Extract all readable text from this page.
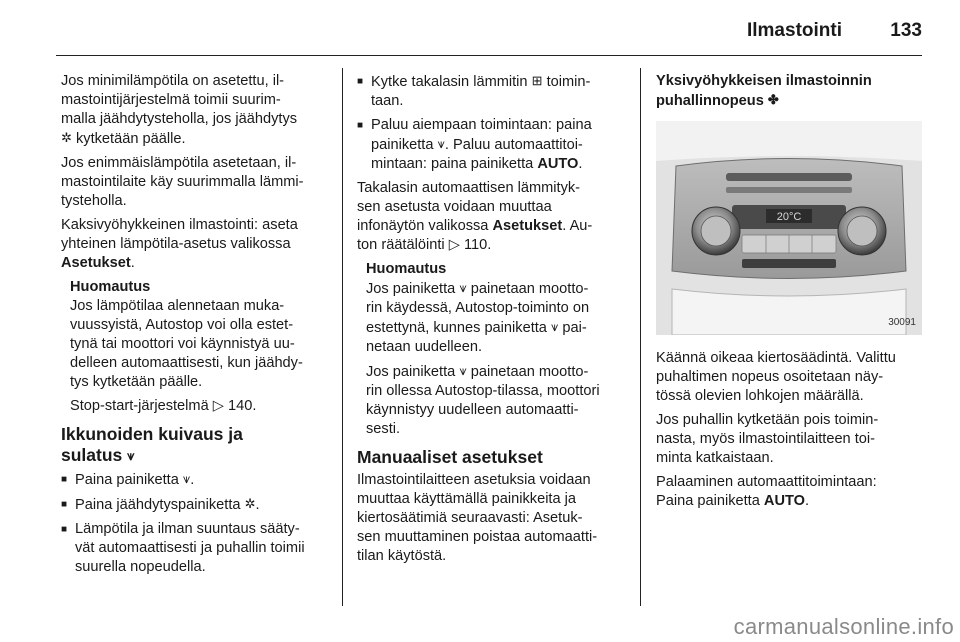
Ilmastointi	133

Jos minimilämpötila on asetettu, il-
mastointijärjestelmä toimii suurim-
malla jäähdytysteholla, jos jäähdytys
✲ kytketään päälle.

Jos enimmäislämpötila asetetaan, il-
mastointilaite käy suurimmalla lämmi-
tysteholla.

Kaksivyöhykkeinen ilmastointi: aseta
yhteinen lämpötila-asetus valikossa
Asetukset.

Huomautus

Jos lämpötilaa alennetaan muka-
vuussyistä, Autostop voi olla estet-
tynä tai moottori voi käynnistyä uu-
delleen automaattisesti, kun jäähdy-
tys kytketään päälle.

Stop-start-järjestelmä ▷ 140.

Ikkunoiden kuivaus ja
sulatus ⩛
■ Paina painiketta ⩛.
■ Paina jäähdytyspainiketta ✲.
■ Lämpötila ja ilman suuntaus sääty-
vät automaattisesti ja puhallin toimii
suurella nopeudella.
■ Kytke takalasin lämmitin ⊞ toimin-
taan.
■ Paluu aiempaan toimintaan: paina
painiketta ⩛. Paluu automaattitoi-
mintaan: paina painiketta AUTO.

Takalasin automaattisen lämmityk-
sen asetusta voidaan muuttaa
infonäytön valikossa Asetukset. Au-
ton räätälöinti ▷ 110.

Huomautus

Jos painiketta ⩛ painetaan mootto-
rin käydessä, Autostop-toiminto on
estettynä, kunnes painiketta ⩛ pai-
netaan uudelleen.

Jos painiketta ⩛ painetaan mootto-
rin ollessa Autostop-tilassa, moottori
käynnistyy uudelleen automaatti-
sesti.

Manuaaliset asetukset

Ilmastointilaitteen asetuksia voidaan
muuttaa käyttämällä painikkeita ja
kiertosäätimiä seuraavasti: Asetuk-
sen muuttaminen poistaa automaatti-
tilan käytöstä.

Yksivyöhykkeisen ilmastoinnin
puhallinnopeus ✤
20°C
30091

Käännä oikeaa kiertosäädintä. Valittu
puhaltimen nopeus osoitetaan näy-
tössä olevien lohkojen määrällä.

Jos puhallin kytketään pois toimin-
nasta, myös ilmastointilaitteen toi-
minta katkaistaan.

Palaaminen automaattitoimintaan:
Paina painiketta AUTO.

carmanualsonline.info
